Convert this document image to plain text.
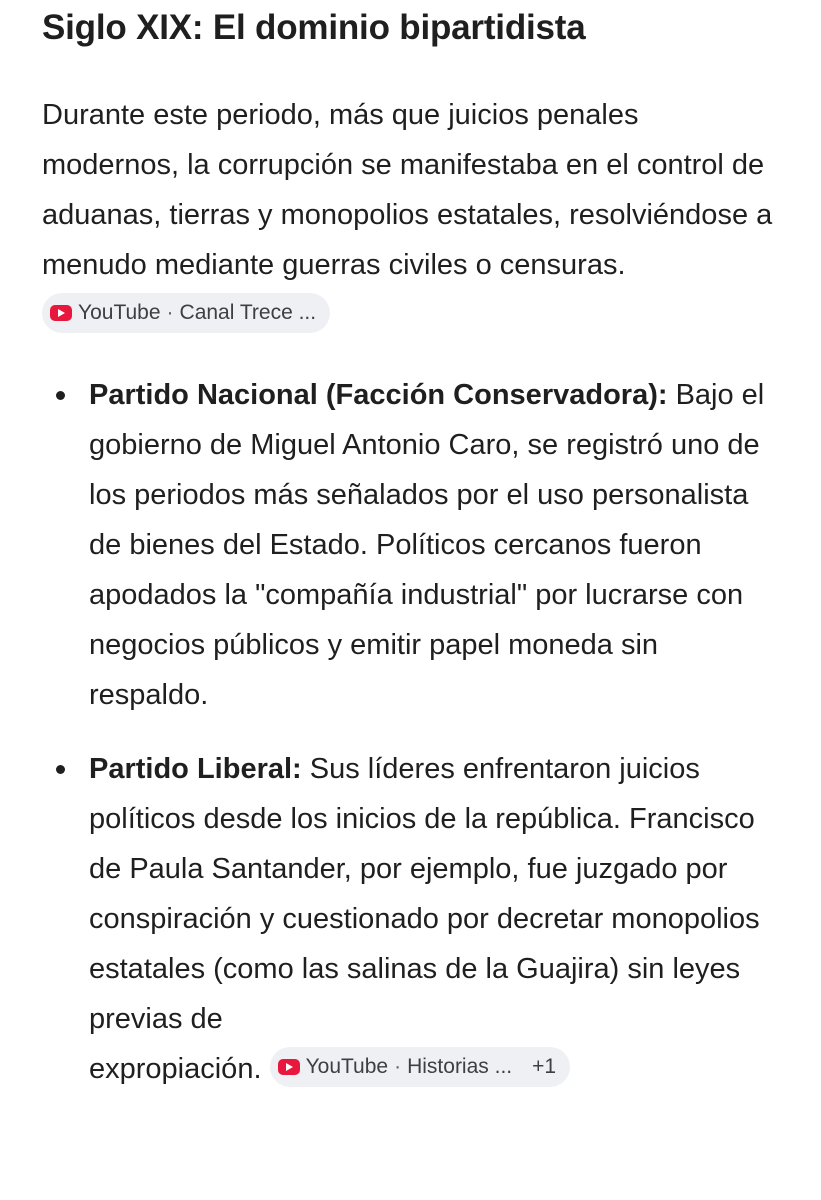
Siglo XIX: El dominio bipartidista

Durante este periodo, más que juicios penales modernos, la corrupción se manifestaba en el control de aduanas, tierras y monopolios estatales, resolviéndose a menudo mediante guerras civiles o censuras.
YouTube · Canal Trece ...

Partido Nacional (Facción Conservadora): Bajo el gobierno de Miguel Antonio Caro, se registró uno de los periodos más señalados por el uso personalista de bienes del Estado. Políticos cercanos fueron apodados la "compañía industrial" por lucrarse con negocios públicos y emitir papel moneda sin respaldo.
Partido Liberal: Sus líderes enfrentaron juicios políticos desde los inicios de la república. Francisco de Paula Santander, por ejemplo, fue juzgado por conspiración y cuestionado por decretar monopolios estatales (como las salinas de la Guajira) sin leyes previas de
expropiación. YouTube · Historias ... +1
